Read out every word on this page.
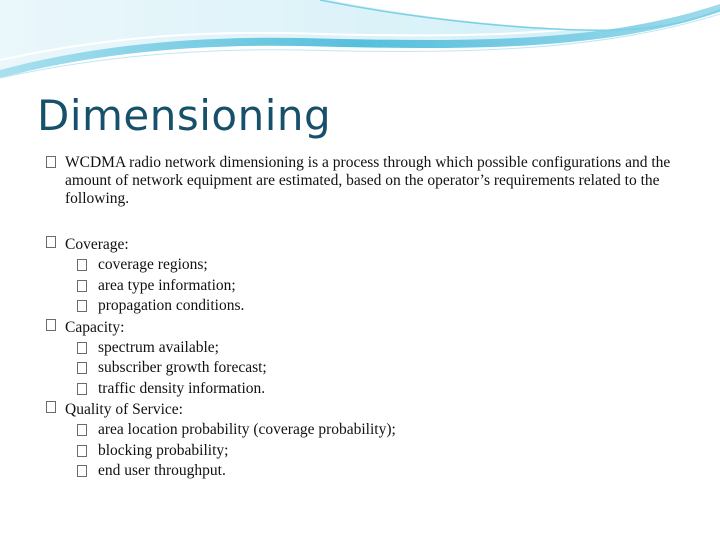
Dimensioning
WCDMA radio network dimensioning is a process through which possible configurations and the amount of network equipment are estimated, based on the operator’s requirements related to the following.
Coverage:
coverage regions;
area type information;
propagation conditions.
Capacity:
spectrum available;
subscriber growth forecast;
traffic density information.
Quality of Service:
area location probability (coverage probability);
blocking probability;
end user throughput.
